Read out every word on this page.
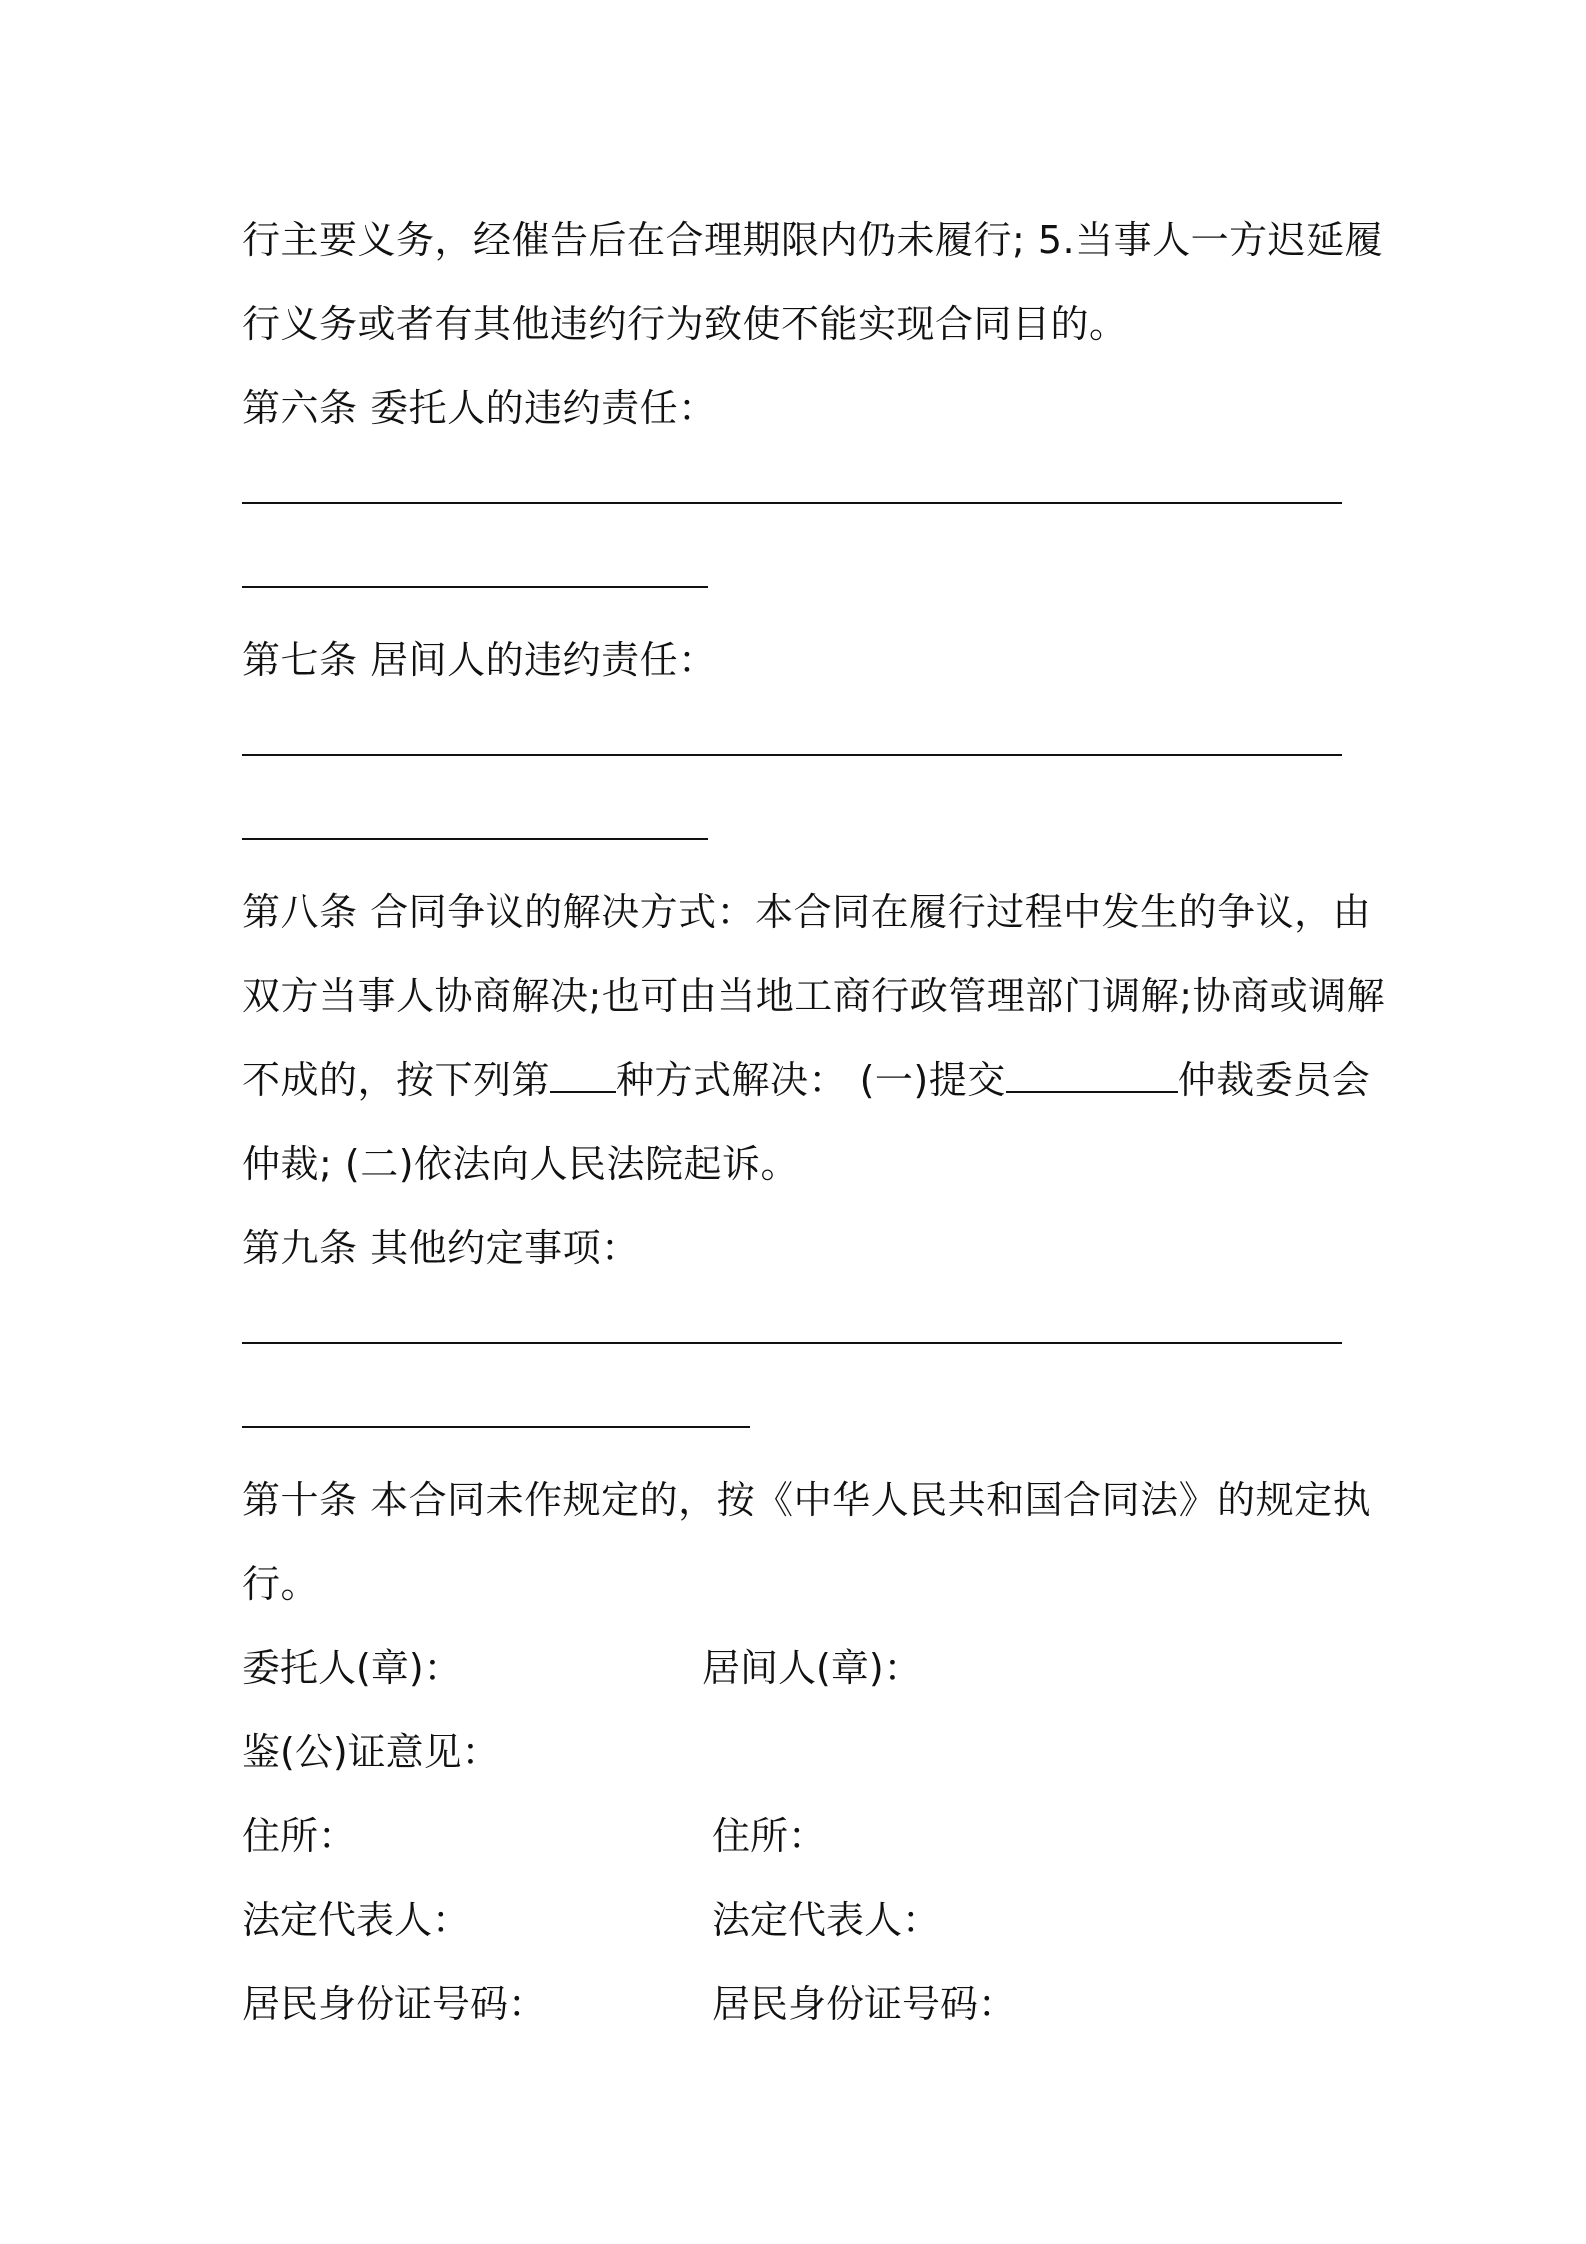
行主要义务，经催告后在合理期限内仍未履行; 5.当事人一方迟延履
行义务或者有其他违约行为致使不能实现合同目的。
第六条 委托人的违约责任：
第七条 居间人的违约责任：
第八条 合同争议的解决方式：本合同在履行过程中发生的争议，由
双方当事人协商解决;也可由当地工商行政管理部门调解;协商或调解
不成的，按下列第 种方式解决： (一)提交	仲裁委员会
仲裁; (二)依法向人民法院起诉。
第九条 其他约定事项：
第十条 本合同未作规定的，按《中华人民共和国合同法》的规定执
行。
委托人(章)：	居间人(章)：
鉴(公)证意见：
住所：	住所：
法定代表人：	法定代表人：
居民身份证号码：	居民身份证号码：
